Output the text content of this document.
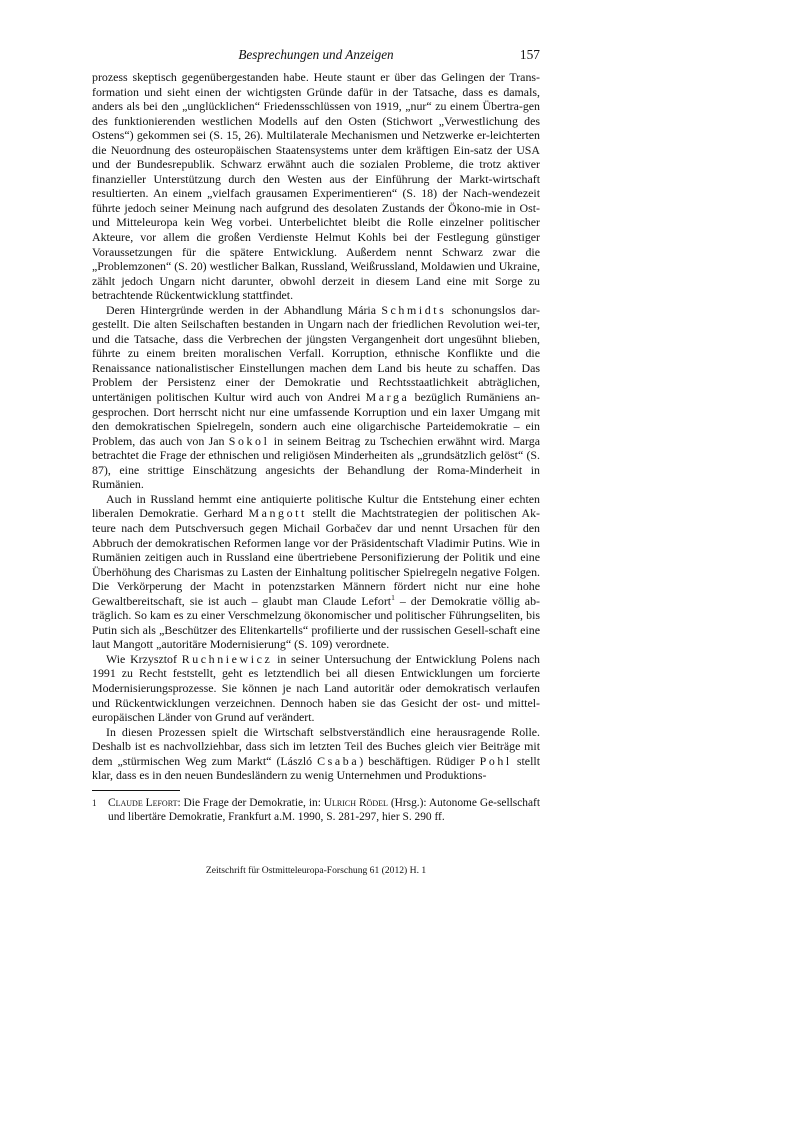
Besprechungen und Anzeigen	157

prozess skeptisch gegenübergestanden habe. Heute staunt er über das Gelingen der Trans-formation und sieht einen der wichtigsten Gründe dafür in der Tatsache, dass es damals, anders als bei den „unglücklichen“ Friedensschlüssen von 1919, „nur“ zu einem Übertra-gen des funktionierenden westlichen Modells auf den Osten (Stichwort „Verwestlichung des Ostens“) gekommen sei (S. 15, 26). Multilaterale Mechanismen und Netzwerke er-leichterten die Neuordnung des osteuropäischen Staatensystems unter dem kräftigen Ein-satz der USA und der Bundesrepublik. Schwarz erwähnt auch die sozialen Probleme, die trotz aktiver finanzieller Unterstützung durch den Westen aus der Einführung der Markt-wirtschaft resultierten. An einem „vielfach grausamen Experimentieren“ (S. 18) der Nach-wendezeit führte jedoch seiner Meinung nach aufgrund des desolaten Zustands der Ökono-mie in Ost- und Mitteleuropa kein Weg vorbei. Unterbelichtet bleibt die Rolle einzelner politischer Akteure, vor allem die großen Verdienste Helmut Kohls bei der Festlegung günstiger Voraussetzungen für die spätere Entwicklung. Außerdem nennt Schwarz zwar die „Problemzonen“ (S. 20) westlicher Balkan, Russland, Weißrussland, Moldawien und Ukraine, zählt jedoch Ungarn nicht darunter, obwohl derzeit in diesem Land eine mit Sorge zu betrachtende Rückentwicklung stattfindet.

Deren Hintergründe werden in der Abhandlung Mária Schmidts schonungslos dar-gestellt. Die alten Seilschaften bestanden in Ungarn nach der friedlichen Revolution wei-ter, und die Tatsache, dass die Verbrechen der jüngsten Vergangenheit dort ungesühnt blieben, führte zu einem breiten moralischen Verfall. Korruption, ethnische Konflikte und die Renaissance nationalistischer Einstellungen machen dem Land bis heute zu schaffen. Das Problem der Persistenz einer der Demokratie und Rechtsstaatlichkeit abträglichen, untertänigen politischen Kultur wird auch von Andrei Marga bezüglich Rumäniens an-gesprochen. Dort herrscht nicht nur eine umfassende Korruption und ein laxer Umgang mit den demokratischen Spielregeln, sondern auch eine oligarchische Parteidemokratie – ein Problem, das auch von Jan Sokol in seinem Beitrag zu Tschechien erwähnt wird. Marga betrachtet die Frage der ethnischen und religiösen Minderheiten als „grundsätzlich gelöst“ (S. 87), eine strittige Einschätzung angesichts der Behandlung der Roma-Minderheit in Rumänien.

Auch in Russland hemmt eine antiquierte politische Kultur die Entstehung einer echten liberalen Demokratie. Gerhard Mangott stellt die Machtstrategien der politischen Ak-teure nach dem Putschversuch gegen Michail Gorbačev dar und nennt Ursachen für den Abbruch der demokratischen Reformen lange vor der Präsidentschaft Vladimir Putins. Wie in Rumänien zeitigen auch in Russland eine übertriebene Personifizierung der Politik und eine Überhöhung des Charismas zu Lasten der Einhaltung politischer Spielregeln negative Folgen. Die Verkörperung der Macht in potenzstarken Männern fördert nicht nur eine hohe Gewaltbereitschaft, sie ist auch – glaubt man Claude Lefort$^1$ – der Demokratie völlig ab-träglich. So kam es zu einer Verschmelzung ökonomischer und politischer Führungseliten, bis Putin sich als „Beschützer des Elitenkartells“ profilierte und der russischen Gesell-schaft eine laut Mangott „autoritäre Modernisierung“ (S. 109) verordnete.

Wie Krzysztof Ruchniewicz in seiner Untersuchung der Entwicklung Polens nach 1991 zu Recht feststellt, geht es letztendlich bei all diesen Entwicklungen um forcierte Modernisierungsprozesse. Sie können je nach Land autoritär oder demokratisch verlaufen und Rückentwicklungen verzeichnen. Dennoch haben sie das Gesicht der ost- und mittel-europäischen Länder von Grund auf verändert.

In diesen Prozessen spielt die Wirtschaft selbstverständlich eine herausragende Rolle. Deshalb ist es nachvollziehbar, dass sich im letzten Teil des Buches gleich vier Beiträge mit dem „stürmischen Weg zum Markt“ (László Csaba) beschäftigen. Rüdiger Pohl stellt klar, dass es in den neuen Bundesländern zu wenig Unternehmen und Produktions-

1	Claude Lefort: Die Frage der Demokratie, in: Ulrich Rödel (Hrsg.): Autonome Ge-sellschaft und libertäre Demokratie, Frankfurt a.M. 1990, S. 281-297, hier S. 290 ff.
Zeitschrift für Ostmitteleuropa-Forschung 61 (2012) H. 1
